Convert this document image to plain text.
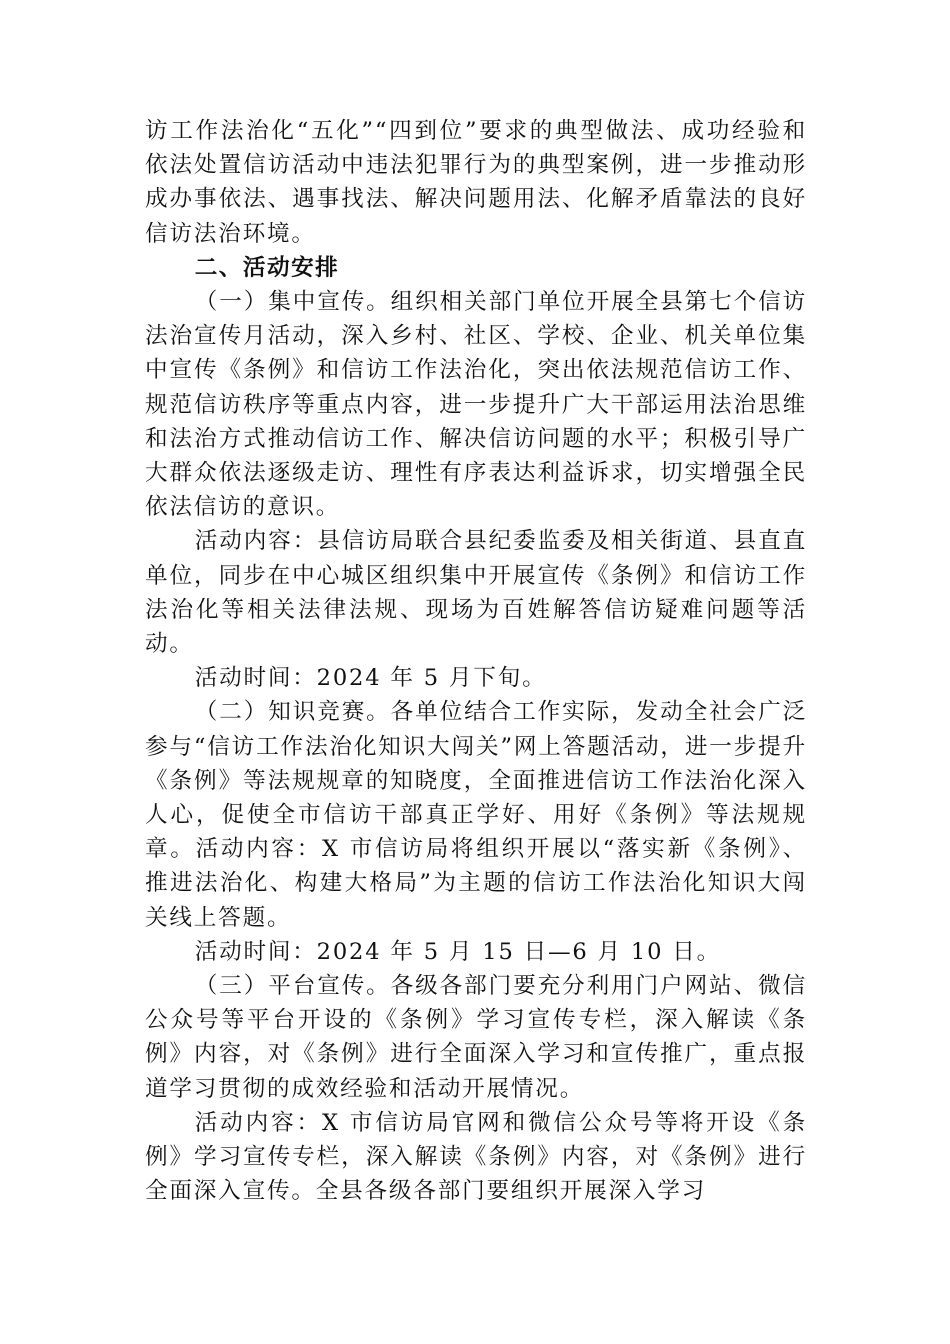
访工作法治化“五化”“四到位”要求的典型做法、成功经验和依法处置信访活动中违法犯罪行为的典型案例，进一步推动形成办事依法、遇事找法、解决问题用法、化解矛盾靠法的良好信访法治环境。

二、活动安排

（一）集中宣传。组织相关部门单位开展全县第七个信访法治宣传月活动，深入乡村、社区、学校、企业、机关单位集中宣传《条例》和信访工作法治化，突出依法规范信访工作、规范信访秩序等重点内容，进一步提升广大干部运用法治思维和法治方式推动信访工作、解决信访问题的水平；积极引导广大群众依法逐级走访、理性有序表达利益诉求，切实增强全民依法信访的意识。

活动内容：县信访局联合县纪委监委及相关街道、县直直单位，同步在中心城区组织集中开展宣传《条例》和信访工作法治化等相关法律法规、现场为百姓解答信访疑难问题等活动。

活动时间：2024 年 5 月下旬。

（二）知识竞赛。各单位结合工作实际，发动全社会广泛参与“信访工作法治化知识大闯关”网上答题活动，进一步提升《条例》等法规规章的知晓度，全面推进信访工作法治化深入人心，促使全市信访干部真正学好、用好《条例》等法规规章。活动内容：X 市信访局将组织开展以“落实新《条例》、推进法治化、构建大格局”为主题的信访工作法治化知识大闯关线上答题。

活动时间：2024 年 5 月 15 日—6 月 10 日。

（三）平台宣传。各级各部门要充分利用门户网站、微信公众号等平台开设的《条例》学习宣传专栏，深入解读《条例》内容，对《条例》进行全面深入学习和宣传推广，重点报道学习贯彻的成效经验和活动开展情况。

活动内容：X 市信访局官网和微信公众号等将开设《条例》学习宣传专栏，深入解读《条例》内容，对《条例》进行全面深入宣传。全县各级各部门要组织开展深入学习
